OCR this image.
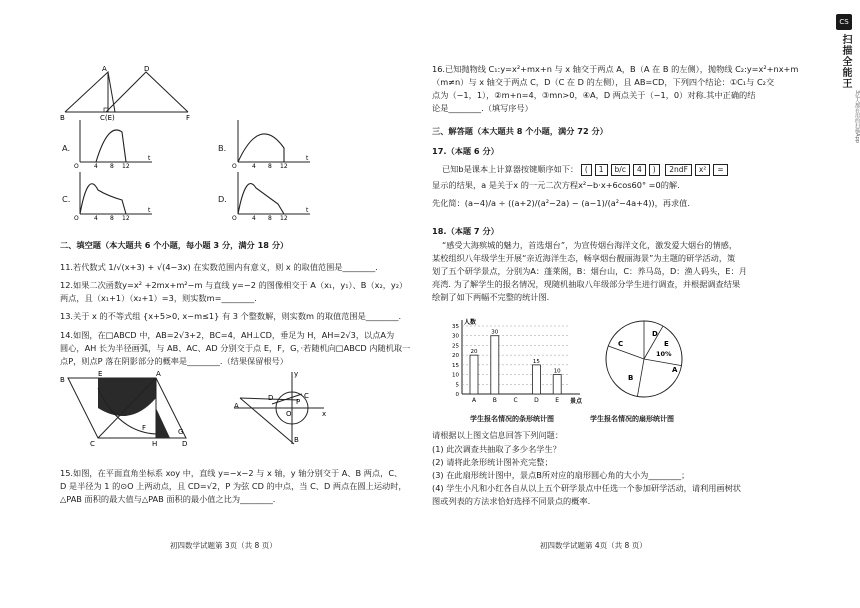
A	D
B	C(E)	F
A.
O	4 8 12
t
B.
O	4 8 12
t
C.
O	4 8 12
t
D.
O	4 8 12
t
二、填空题（本大题共 6 个小题，每小题 3 分，满分 18 分）
11.若代数式 1/√(x+3) + √(4−3x) 在实数范围内有意义，则 x 的取值范围是________.
12.如果二次函数y=x² +2mx+m²−m 与直线 y=−2 的图像相交于 A（x₁，y₁）、B（x₂，y₂）
两点，且（x₁+1）（x₂+1）=3，则实数m=________.
13.关于 x 的不等式组 {x+5>0, x−m≤1} 有 3 个整数解，则实数m 的取值范围是________.
14.如图，在□ABCD 中，AB=2√3+2，BC=4，AH⊥CD，垂足为 H，AH=2√3，以点A为
圆心，AH 长为半径画弧，与 AB、AC、AD 分别交于点 E，F，G，·若随机向□ABCD 内随机取一
点P，则点P 落在阴影部分的概率是________.（结果保留根号）
B
E	A
C	H	D
G
F
A
O
P
C
D
B
x
y
15.如图，在平面直角坐标系 xoy 中，直线 y=−x−2 与 x 轴，y 轴分别交于 A、B 两点，C、
D 是半径为 1 的⊙O 上两动点，且 CD=√2，P 为弦 CD 的中点，当 C、D 两点在圆上运动时，
△PAB 面积的最大值与△PAB 面积的最小值之比为________.
初四数学试题第 3页（共 8 页）
16.已知抛物线 C₁:y=x²+mx+n 与 x 轴交于两点 A，B（A 在 B 的左侧），抛物线 C₂:y=x²+nx+m
（m≠n）与 x 轴交于两点 C，D（C 在 D 的左侧），且 AB=CD，下列四个结论：①C₁与 C₂交
点为（−1，1），②m+n=4，③mn>0，④A，D 两点关于（−1，0）对称.其中正确的结
论是________.（填写序号）
三、解答题（本大题共 8 个小题，满分 72 分）
17.（本题 6 分）
已知b是课本上计算器按键顺序如下： ( 1 b/c 4 ) 2ndF x² =
显示的结果，a 是关于x 的一元二次方程x²−b·x+6cos60° =0的解.
先化简：(a−4)/a ÷ ((a+2)/(a²−2a) − (a−1)/(a²−4a+4))，再求值.
18.（本题 7 分）
“感受大海殡城的魅力，首选烟台”，为宣传烟台海洋文化，激发爱大烟台的情感，
某校组织八年级学生开展“亲近海洋生态，畅享烟台靓丽海景”为主题的研学活动，策
划了五个研学景点，分别为A：蓬莱阁，B：烟台山，C：养马岛，D：渔人码头，E：月
亮湾. 为了解学生的报名情况，现随机抽取八年级部分学生进行调查，并根据调查结果
绘制了如下两幅不完整的统计图.
0
5
10
15
20
25
30
35
人数
景点
20
A
30
B	C
15
D
10
E
A
B
C
D
E
10%
学生报名情况的条形统计图	学生报名情况的扇形统计图
请根据以上图文信息回答下列问题：
(1) 此次调查共抽取了多少名学生？
(2) 请将此条形统计图补充完整；
(3) 在此扇形统计图中，景点B所对应的扇形圆心角的大小为________；
(4) 学生小凡和小红各自从以上五个研学景点中任选一个参加研学活动，请利用画树状
图或列表的方法求恰好选择不同景点的概率.
初四数学试题第 4页（共 8 页）
CS
扫描全能王
3亿人都在用的扫描App
